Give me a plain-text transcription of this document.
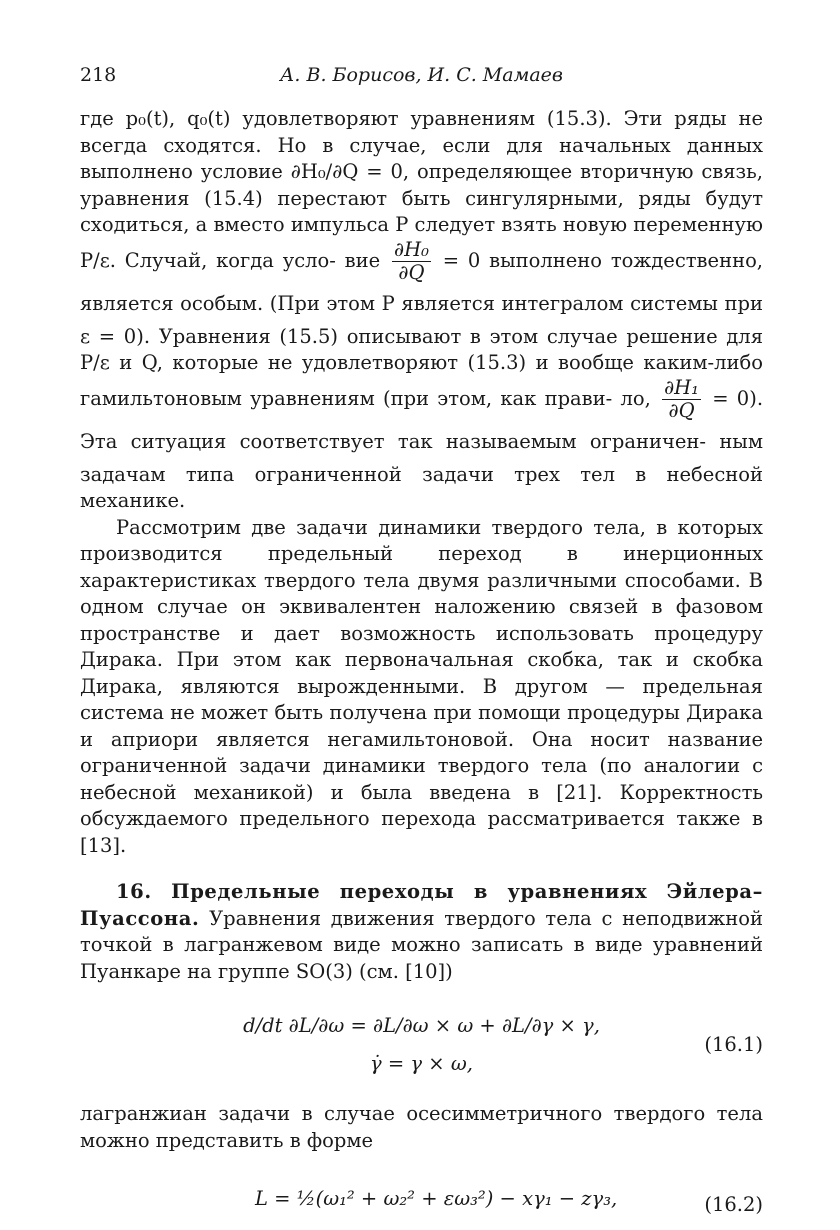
218	А. В. Борисов, И. С. Мамаев

где p₀(t), q₀(t) удовлетворяют уравнениям (15.3). Эти ряды не всегда сходятся. Но в случае, если для начальных данных выполнено условие ∂H₀/∂Q = 0, определяющее вторичную связь, уравнения (15.4) перестают быть сингулярными, ряды будут сходиться, а вместо импульса P следует взять новую переменную P/ε. Случай, когда усло- вие $\frac{\text{∂H₀}}{\partial Q} = 0$ выполнено тождественно, является особым. (При этом P является интегралом системы при ε = 0). Уравнения (15.5) описывают в этом случае решение для P/ε и Q, которые не удовлетворяют (15.3) и вообще каким-либо гамильтоновым уравнениям (при этом, как прави- ло, $\frac{\text{∂H₁}}{\partial Q} = 0$). Эта ситуация соответствует так называемым ограничен- ным задачам типа ограниченной задачи трех тел в небесной механике.

Рассмотрим две задачи динамики твердого тела, в которых производится предельный переход в инерционных характеристиках твердого тела двумя различными способами. В одном случае он эквивалентен наложению связей в фазовом пространстве и дает возможность использовать процедуру Дирака. При этом как первоначальная скобка, так и скобка Дирака, являются вырожденными. В другом — предельная система не может быть получена при помощи процедуры Дирака и априори является негамильтоновой. Она носит название ограниченной задачи динамики твердого тела (по аналогии с небесной механикой) и была введена в [21]. Корректность обсуждаемого предельного перехода рассматривается также в [13].

16. Предельные переходы в уравнениях Эйлера–Пуассона. Уравнения движения твердого тела с неподвижной точкой в лагранжевом виде можно записать в виде уравнений Пуанкаре на группе SO(3) (см. [10])

d/dt ∂L/∂ω = ∂L/∂ω × ω + ∂L/∂γ × γ,
γ̇ = γ × ω,
(16.1)

лагранжиан задачи в случае осесимметричного твердого тела можно представить в форме

L = ½(ω₁² + ω₂² + εω₃²) − xγ₁ − zγ₃,	(16.2)
